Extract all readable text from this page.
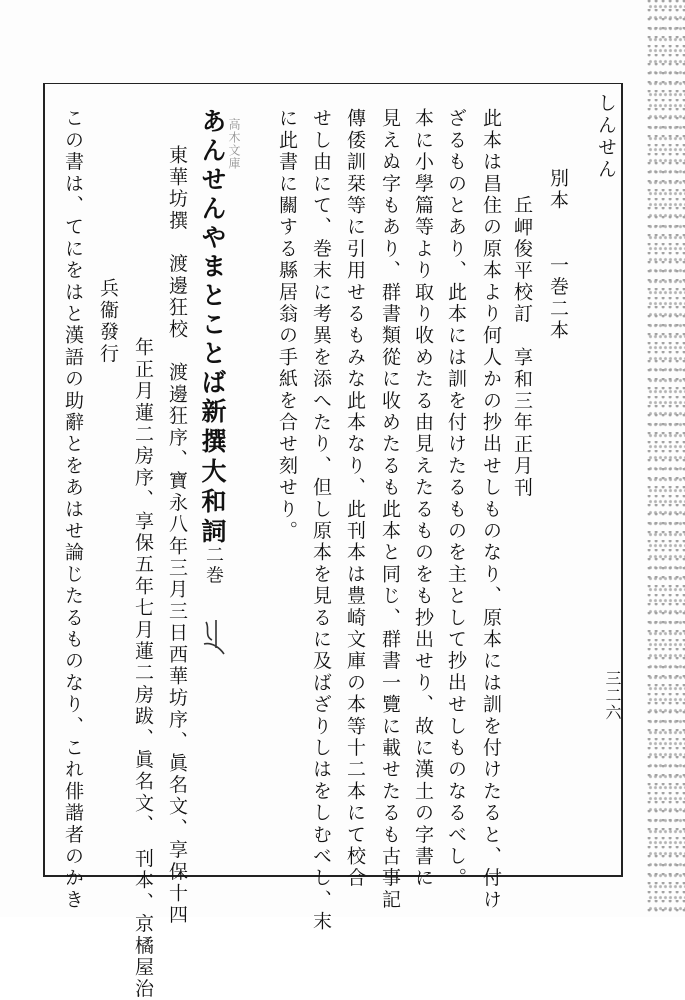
しんせん
三二六
別本　　一巻二本
丘岬俊平校訂　享和三年正月刊
此本は昌住の原本より何人かの抄出せしものなり、原本には訓を付けたると、付け
ざるものとあり、此本には訓を付けたるものを主として抄出せしものなるべし。
本に小學篇等より取り收めたる由見えたるものをも抄出せり、故に漢土の字書に
見えぬ字もあり、群書類從に收めたるも此本と同じ、群書一覽に載せたるも古事記
傳倭訓栞等に引用せるもみな此本なり、此刊本は豊崎文庫の本等十二本にて校合
せし由にて、巻末に考異を添へたり、但し原本を見るに及ばざりしはをしむべし、末
に此書に關する縣居翁の手紙を合せ刻せり。
新撰大和詞
二巻
東華坊撰　渡邊狂校　渡邊狂序、寶永八年三月三日西華坊序、眞名文、享保十四
年正月蓮二房序、享保五年七月蓮二房跋、眞名文、　刊本、京橘屋治
兵衞發行
高木文庫
あんせんやまとことば
この書は、てにをはと漢語の助辭とをあはせ論じたるものなり、これ俳諧者のかき
